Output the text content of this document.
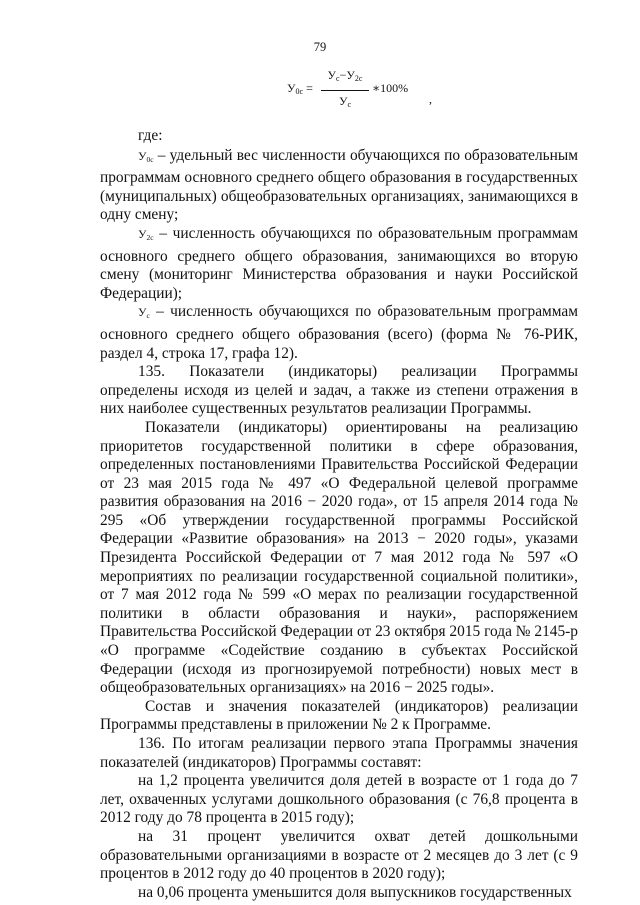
79
$У_{0с}$ =
$У_с-У_{2с}$
$У_с$
∗100%
,

где:

$У_{0с}$ – удельный вес численности обучающихся по образовательным программам основного среднего общего образования в государственных (муниципальных) общеобразовательных организациях, занимающихся в одну смену;

$У_{2с}$ – численность обучающихся по образовательным программам основного среднего общего образования, занимающихся во вторую смену (мониторинг Министерства образования и науки Российской Федерации);

$У_с$ – численность обучающихся по образовательным программам основного среднего общего образования (всего) (форма № 76-РИК, раздел 4, строка 17, графа 12).

135. Показатели (индикаторы) реализации Программы определены исходя из целей и задач, а также из степени отражения в них наиболее существенных результатов реализации Программы.

Показатели (индикаторы) ориентированы на реализацию приоритетов государственной политики в сфере образования, определенных постановлениями Правительства Российской Федерации от 23 мая 2015 года № 497 «О Федеральной целевой программе развития образования на 2016 − 2020 года», от 15 апреля 2014 года № 295 «Об утверждении государственной программы Российской Федерации «Развитие образования» на 2013 − 2020 годы», указами Президента Российской Федерации от 7 мая 2012 года № 597 «О мероприятиях по реализации государственной социальной политики», от 7 мая 2012 года № 599 «О мерах по реализации государственной политики в области образования и науки», распоряжением Правительства Российской Федерации от 23 октября 2015 года № 2145-р «О программе «Содействие созданию в субъектах Российской Федерации (исходя из прогнозируемой потребности) новых мест в общеобразовательных организациях» на 2016 − 2025 годы».

Состав и значения показателей (индикаторов) реализации Программы представлены в приложении № 2 к Программе.

136. По итогам реализации первого этапа Программы значения показателей (индикаторов) Программы составят:

на 1,2 процента увеличится доля детей в возрасте от 1 года до 7 лет, охваченных услугами дошкольного образования (с 76,8 процента в 2012 году до 78 процента в 2015 году);

на 31 процент увеличится охват детей дошкольными образовательными организациями в возрасте от 2 месяцев до 3 лет (с 9 процентов в 2012 году до 40 процентов в 2020 году);

на 0,06 процента уменьшится доля выпускников государственных
